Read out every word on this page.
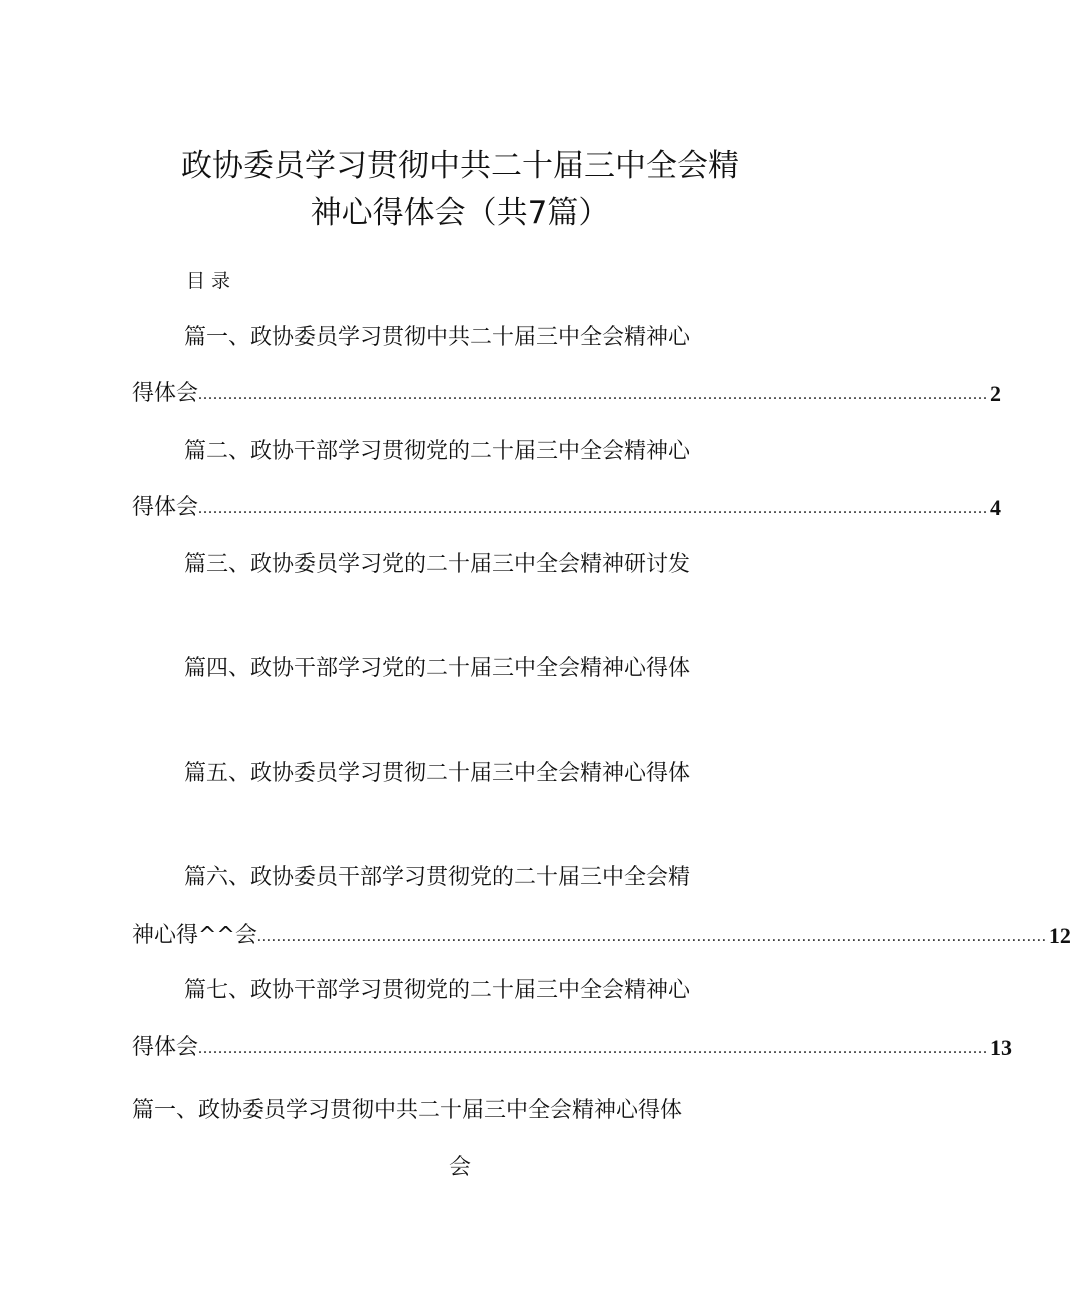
政协委员学习贯彻中共二十届三中全会精
神心得体会（共7篇）
目录
篇一、政协委员学习贯彻中共二十届三中全会精神心
得体会 .............................................................................................................................................................. 2
篇二、政协干部学习贯彻党的二十届三中全会精神心
得体会 .............................................................................................................................................................. 4
篇三、政协委员学习党的二十届三中全会精神研讨发
篇四、政协干部学习党的二十届三中全会精神心得体
篇五、政协委员学习贯彻二十届三中全会精神心得体
篇六、政协委员干部学习贯彻党的二十届三中全会精
神心得^^会 .............................................................................................................................................................. 12
篇七、政协干部学习贯彻党的二十届三中全会精神心
得体会 .............................................................................................................................................................. 13
篇一、政协委员学习贯彻中共二十届三中全会精神心得体
会
